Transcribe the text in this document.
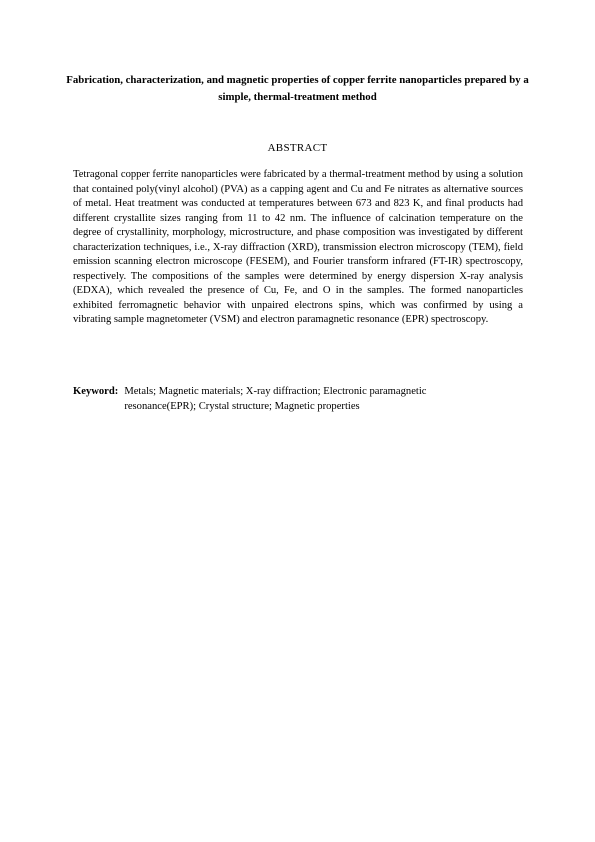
Fabrication, characterization, and magnetic properties of copper ferrite nanoparticles prepared by a simple, thermal-treatment method
ABSTRACT

Tetragonal copper ferrite nanoparticles were fabricated by a thermal-treatment method by using a solution that contained poly(vinyl alcohol) (PVA) as a capping agent and Cu and Fe nitrates as alternative sources of metal. Heat treatment was conducted at temperatures between 673 and 823 K, and final products had different crystallite sizes ranging from 11 to 42 nm. The influence of calcination temperature on the degree of crystallinity, morphology, microstructure, and phase composition was investigated by different characterization techniques, i.e., X-ray diffraction (XRD), transmission electron microscopy (TEM), field emission scanning electron microscope (FESEM), and Fourier transform infrared (FT-IR) spectroscopy, respectively. The compositions of the samples were determined by energy dispersion X-ray analysis (EDXA), which revealed the presence of Cu, Fe, and O in the samples. The formed nanoparticles exhibited ferromagnetic behavior with unpaired electrons spins, which was confirmed by using a vibrating sample magnetometer (VSM) and electron paramagnetic resonance (EPR) spectroscopy.

Keyword: Metals; Magnetic materials; X-ray diffraction; Electronic paramagnetic resonance(EPR); Crystal structure; Magnetic properties
